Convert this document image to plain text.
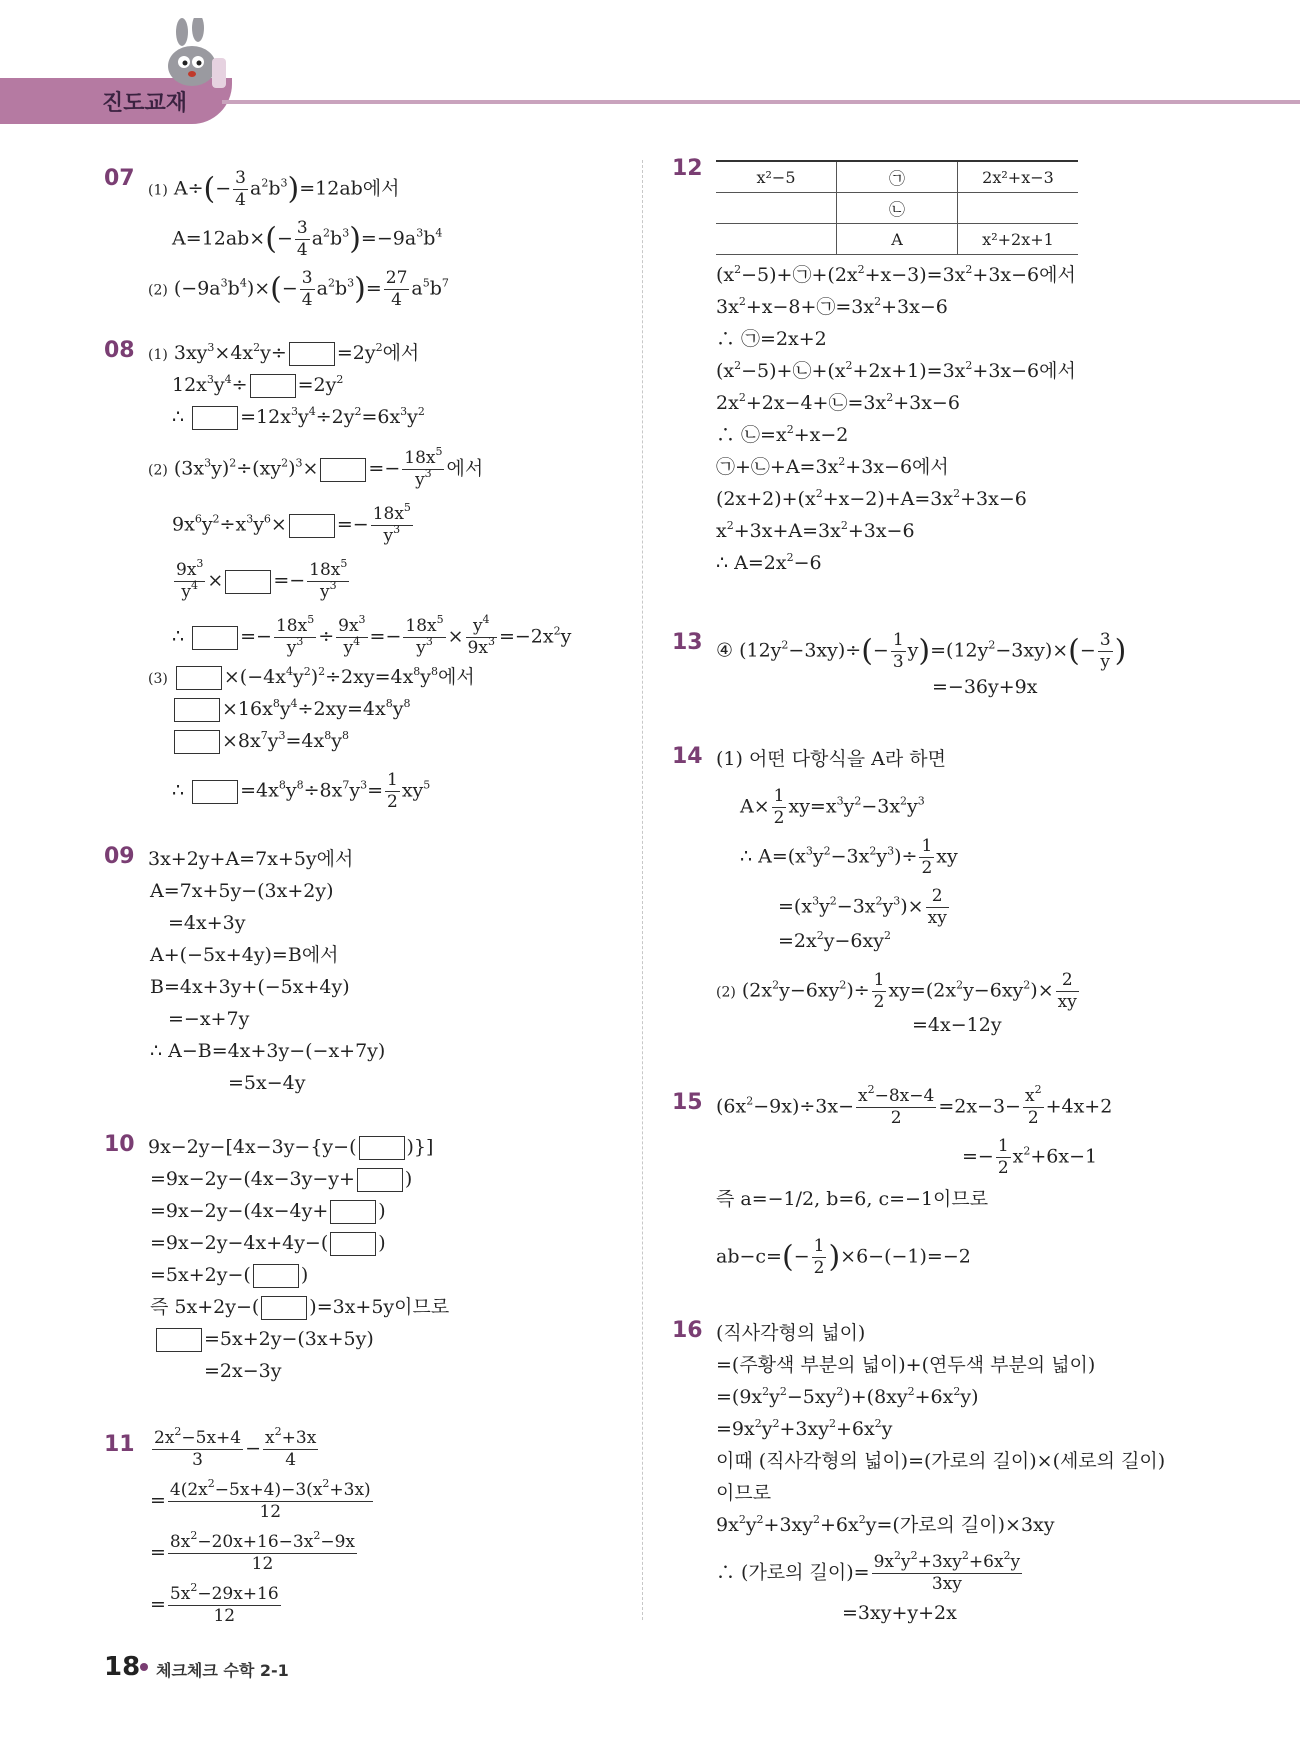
진도교재
07 (1) $A\div(- \frac{3}{4} a^2b^3)=12ab$에서
$A=12ab\times(- \frac{3}{4} a^2b^3)=-9a^3b^4$
(2) $(-9a^3b^4)\times(- \frac{3}{4} a^2b^3)= \frac{27}{4} a^5b^7$
08 (1) $3xy^3\times 4x^2y\div$	$=2y^2$에서
$12x^3y^4\div$	$=2y^2$
∴	$=12x^3y^4\div 2y^2=6x^3y^2$
(2) $(3x^3y)^2\div(xy^2)^3\times$	=− $\frac{18x^5}{y^3}$ 에서
$9x^6y^2\div x^3y^6\times$	=− $\frac{18x^5}{y^3}$
$\frac{9x^3}{y^4}$ ×	=− $\frac{18x^5}{y^3}$
∴	=− $\frac{18x^5}{y^3} \div \frac{9x^3}{y^4} =- \frac{18x^5}{y^3} \times \frac{y^4}{9x^3} =-2x^2y$
(3)	$\times(-4x^4y^2)^2\div 2xy=4x^8y^8$에서
$\times 16x^8y^4\div 2xy=4x^8y^8$
$\times 8x^7y^3=4x^8y^8$
∴	$=4x^8y^8\div 8x^7y^3= \frac{1}{2} xy^5$
09 3x+2y+A=7x+5y에서
A=7x+5y−(3x+2y)
=4x+3y
A+(−5x+4y)=B에서
B=4x+3y+(−5x+4y)
=−x+7y
∴ A−B=4x+3y−(−x+7y)
=5x−4y
10 9x−2y−[4x−3y−{y−(	)}]
=9x−2y−(4x−3y−y+	)
=9x−2y−(4x−4y+	)
=9x−2y−4x+4y−(	)
=5x+2y−(	)
즉 5x+2y−(	)=3x+5y이므로
=5x+2y−(3x+5y)
=2x−3y
$11 \frac{2x^2-5x+4}{3} - \frac{x^2+3x}{4}$
= $\frac{4(2x^2-5x+4)-3(x^2+3x)}{12}$
= $\frac{8x^2-20x+16-3x^2-9x}{12}$
= $\frac{5x^2-29x+16}{12}$
12	x²−5	㉠	2x²+x−3
	㉡	
	A	x²+2x+1
$(x^2-5)+㉠+(2x^2+x-3)=3x^2+3x-6$에서
$3x^2+x-8+㉠=3x^2+3x-6$
∴ ㉠=2x+2
$(x^2-5)+㉡+(x^2+2x+1)=3x^2+3x-6$에서
$2x^2+2x-4+㉡=3x^2+3x-6$
∴ $㉡=x^2+x-2$
$㉠+㉡+A=3x^2+3x-6$에서
$(2x+2)+(x^2+x-2)+A=3x^2+3x-6$
$x^2+3x+A=3x^2+3x-6$
∴ $A=2x^2-6$
13 ④ $(12y^2-3xy)\div(- \frac{1}{3} y)=(12y^2-3xy)\times(- \frac{3}{y}$ )
=−36y+9x
14 (1) 어떤 다항식을 A라 하면
$A\times \frac{1}{2} xy=x^3y^2-3x^2y^3$
∴ $A=(x^3y^2-3x^2y^3)\div \frac{1}{2}$ xy
$=(x^3y^2-3x^2y^3)\times \frac{2}{xy}$
$=2x^2y-6xy^2$
(2) $(2x^2y-6xy^2)\div \frac{1}{2} xy=(2x^2y-6xy^2)\times \frac{2}{xy}$
=4x−12y
15 $(6x^2-9x)\div 3x- \frac{x^2-8x-4}{2} =2x-3- \frac{x^2}{2} +4x+2$
=− $\frac{1}{2} x^2+6x-1$
즉 a=−1/2, b=6, c=−1이므로
$ab-c=(- \frac{1}{2} )\times 6-(-1)=-2$
16 (직사각형의 넓이)
=(주황색 부분의 넓이)+(연두색 부분의 넓이)
$=(9x^2y^2-5xy^2)+(8xy^2+6x^2y)$
$=9x^2y^2+3xy^2+6x^2y$
이때 (직사각형의 넓이)=(가로의 길이)×(세로의 길이)
이므로
$9x^2y^2+3xy^2+6x^2y=$(가로의 길이)×3xy
∴ (가로의 길이)= $\frac{9x^2y^2+3xy^2+6x^2y}{3xy}$
=3xy+y+2x
18 체크체크 수학 2-1
